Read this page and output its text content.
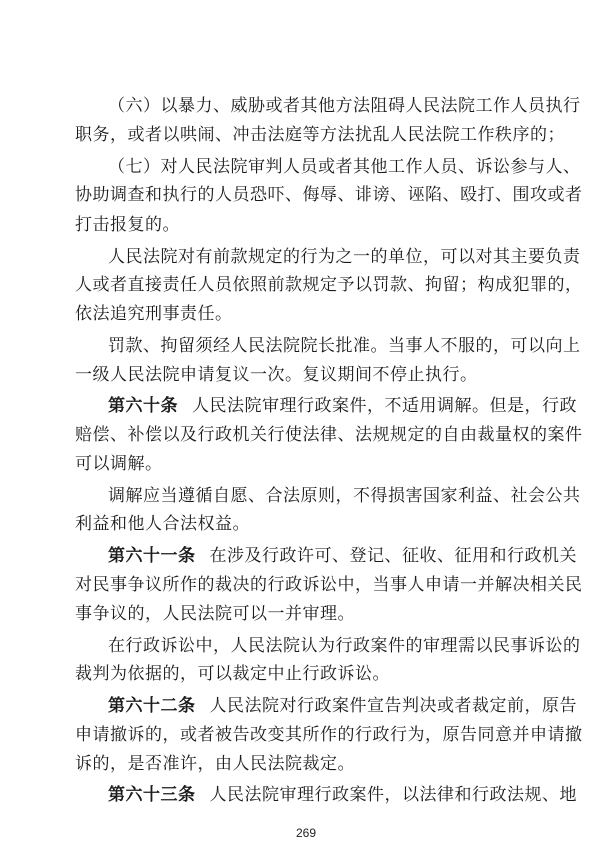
（六）以暴力、威胁或者其他方法阻碍人民法院工作人员执行
职务，或者以哄闹、冲击法庭等方法扰乱人民法院工作秩序的；
（七）对人民法院审判人员或者其他工作人员、诉讼参与人、
协助调查和执行的人员恐吓、侮辱、诽谤、诬陷、殴打、围攻或者
打击报复的。
人民法院对有前款规定的行为之一的单位，可以对其主要负责
人或者直接责任人员依照前款规定予以罚款、拘留；构成犯罪的，
依法追究刑事责任。
罚款、拘留须经人民法院院长批准。当事人不服的，可以向上
一级人民法院申请复议一次。复议期间不停止执行。
第六十条 人民法院审理行政案件，不适用调解。但是，行政
赔偿、补偿以及行政机关行使法律、法规规定的自由裁量权的案件
可以调解。
调解应当遵循自愿、合法原则，不得损害国家利益、社会公共
利益和他人合法权益。
第六十一条 在涉及行政许可、登记、征收、征用和行政机关
对民事争议所作的裁决的行政诉讼中，当事人申请一并解决相关民
事争议的，人民法院可以一并审理。
在行政诉讼中，人民法院认为行政案件的审理需以民事诉讼的
裁判为依据的，可以裁定中止行政诉讼。
第六十二条 人民法院对行政案件宣告判决或者裁定前，原告
申请撤诉的，或者被告改变其所作的行政行为，原告同意并申请撤
诉的，是否准许，由人民法院裁定。
第六十三条 人民法院审理行政案件，以法律和行政法规、地
269
